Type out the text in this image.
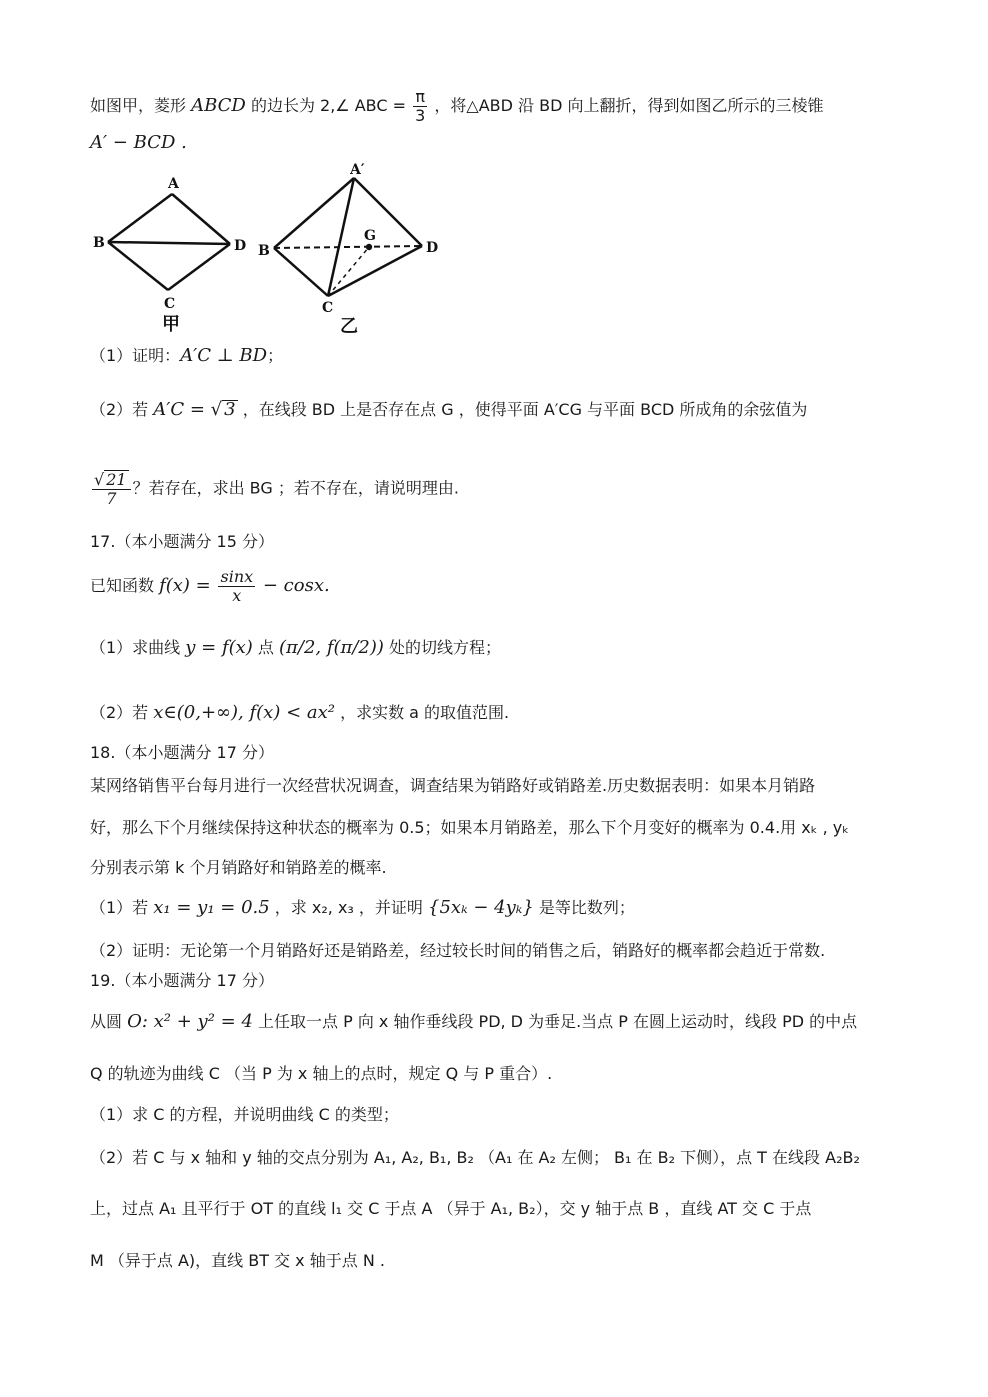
如图甲，菱形 ABCD 的边长为 2,∠ ABC = $\frac{\pi}{3}$ ，将△ABD 沿 BD 向上翻折，得到如图乙所示的三棱锥
A′ − BCD .

A
B	D
C
甲
A′
B	D
G
C
乙
（1）证明：A′C ⊥ BD；
（2）若 A′C = √ 3 ，在线段 BD 上是否存在点 G ，使得平面 A′CG 与平面 BCD 所成角的余弦值为
$\frac{√ 21}{7}$ ？若存在，求出 BG ；若不存在，请说明理由.
17.（本小题满分 15 分）
已知函数 $f(x) = \frac{\sin x}{x} - \cos x$.
（1）求曲线 y = f(x) 点 (π/2, f(π/2)) 处的切线方程；
（2）若 x∈(0,+∞), f(x) < ax² ，求实数 a 的取值范围.
18.（本小题满分 17 分）
某网络销售平台每月进行一次经营状况调查，调查结果为销路好或销路差.历史数据表明：如果本月销路
好，那么下个月继续保持这种状态的概率为 0.5；如果本月销路差，那么下个月变好的概率为 0.4.用 xₖ , yₖ
分别表示第 k 个月销路好和销路差的概率.
（1）若 x₁ = y₁ = 0.5 ，求 x₂, x₃ ，并证明 {5xₖ − 4yₖ} 是等比数列；
（2）证明：无论第一个月销路好还是销路差，经过较长时间的销售之后，销路好的概率都会趋近于常数.
19.（本小题满分 17 分）
从圆 O: x² + y² = 4 上任取一点 P 向 x 轴作垂线段 PD, D 为垂足.当点 P 在圆上运动时，线段 PD 的中点
Q 的轨迹为曲线 C （当 P 为 x 轴上的点时，规定 Q 与 P 重合）.
（1）求 C 的方程，并说明曲线 C 的类型；
（2）若 C 与 x 轴和 y 轴的交点分别为 A₁, A₂, B₁, B₂ （A₁ 在 A₂ 左侧； B₁ 在 B₂ 下侧），点 T 在线段 A₂B₂
上，过点 A₁ 且平行于 OT 的直线 l₁ 交 C 于点 A （异于 A₁, B₂），交 y 轴于点 B ，直线 AT 交 C 于点
M （异于点 A)，直线 BT 交 x 轴于点 N .
